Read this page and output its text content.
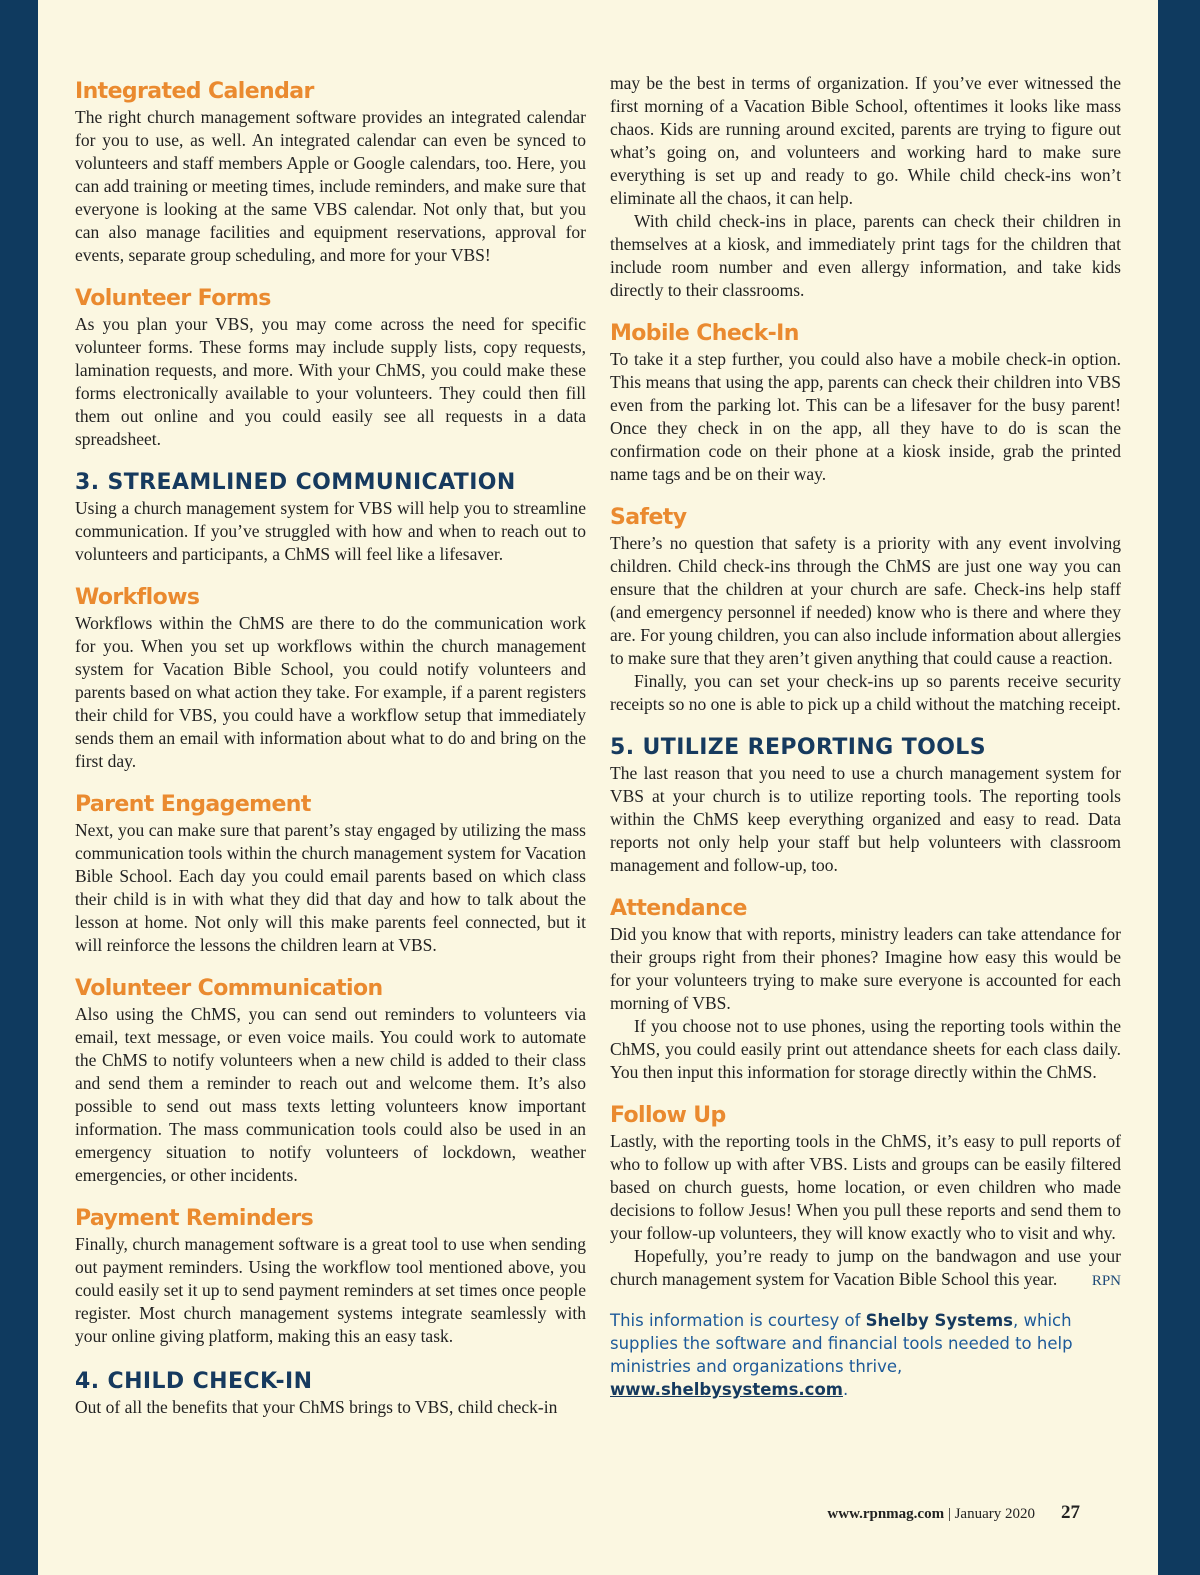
Integrated Calendar

The right church management software provides an integrated calendar for you to use, as well. An integrated calendar can even be synced to volunteers and staff members Apple or Google calendars, too. Here, you can add training or meeting times, include reminders, and make sure that everyone is looking at the same VBS calendar. Not only that, but you can also manage facilities and equipment reservations, approval for events, separate group scheduling, and more for your VBS!

Volunteer Forms

As you plan your VBS, you may come across the need for specific volunteer forms. These forms may include supply lists, copy requests, lamination requests, and more. With your ChMS, you could make these forms electronically available to your volunteers. They could then fill them out online and you could easily see all requests in a data spreadsheet.

3. STREAMLINED COMMUNICATION

Using a church management system for VBS will help you to streamline communication. If you’ve struggled with how and when to reach out to volunteers and participants, a ChMS will feel like a lifesaver.

Workflows

Workflows within the ChMS are there to do the communication work for you. When you set up workflows within the church management system for Vacation Bible School, you could notify volunteers and parents based on what action they take. For example, if a parent registers their child for VBS, you could have a workflow setup that immediately sends them an email with information about what to do and bring on the first day.

Parent Engagement

Next, you can make sure that parent’s stay engaged by utilizing the mass communication tools within the church management system for Vacation Bible School. Each day you could email parents based on which class their child is in with what they did that day and how to talk about the lesson at home. Not only will this make parents feel connected, but it will reinforce the lessons the children learn at VBS.

Volunteer Communication

Also using the ChMS, you can send out reminders to volunteers via email, text message, or even voice mails. You could work to automate the ChMS to notify volunteers when a new child is added to their class and send them a reminder to reach out and welcome them. It’s also possible to send out mass texts letting volunteers know important information. The mass communication tools could also be used in an emergency situation to notify volunteers of lockdown, weather emergencies, or other incidents.

Payment Reminders

Finally, church management software is a great tool to use when sending out payment reminders. Using the workflow tool mentioned above, you could easily set it up to send payment reminders at set times once people register. Most church management systems integrate seamlessly with your online giving platform, making this an easy task.

4. CHILD CHECK-IN

Out of all the benefits that your ChMS brings to VBS, child check-in

may be the best in terms of organization. If you’ve ever witnessed the first morning of a Vacation Bible School, oftentimes it looks like mass chaos. Kids are running around excited, parents are trying to figure out what’s going on, and volunteers and working hard to make sure everything is set up and ready to go. While child check-ins won’t eliminate all the chaos, it can help.

With child check-ins in place, parents can check their children in themselves at a kiosk, and immediately print tags for the children that include room number and even allergy information, and take kids directly to their classrooms.

Mobile Check-In

To take it a step further, you could also have a mobile check-in option. This means that using the app, parents can check their children into VBS even from the parking lot. This can be a lifesaver for the busy parent! Once they check in on the app, all they have to do is scan the confirmation code on their phone at a kiosk inside, grab the printed name tags and be on their way.

Safety

There’s no question that safety is a priority with any event involving children. Child check-ins through the ChMS are just one way you can ensure that the children at your church are safe. Check-ins help staff (and emergency personnel if needed) know who is there and where they are. For young children, you can also include information about allergies to make sure that they aren’t given anything that could cause a reaction.

Finally, you can set your check-ins up so parents receive security receipts so no one is able to pick up a child without the matching receipt.

5. UTILIZE REPORTING TOOLS

The last reason that you need to use a church management system for VBS at your church is to utilize reporting tools. The reporting tools within the ChMS keep everything organized and easy to read. Data reports not only help your staff but help volunteers with classroom management and follow-up, too.

Attendance

Did you know that with reports, ministry leaders can take attendance for their groups right from their phones? Imagine how easy this would be for your volunteers trying to make sure everyone is accounted for each morning of VBS.

If you choose not to use phones, using the reporting tools within the ChMS, you could easily print out attendance sheets for each class daily. You then input this information for storage directly within the ChMS.

Follow Up

Lastly, with the reporting tools in the ChMS, it’s easy to pull reports of who to follow up with after VBS. Lists and groups can be easily filtered based on church guests, home location, or even children who made decisions to follow Jesus! When you pull these reports and send them to your follow-up volunteers, they will know exactly who to visit and why.

Hopefully, you’re ready to jump on the bandwagon and use your church management system for Vacation Bible School this year.	RPN

This information is courtesy of Shelby Systems, which supplies the software and financial tools needed to help ministries and organizations thrive, www.shelbysystems.com.
www.rpnmag.com | January 2020 27
